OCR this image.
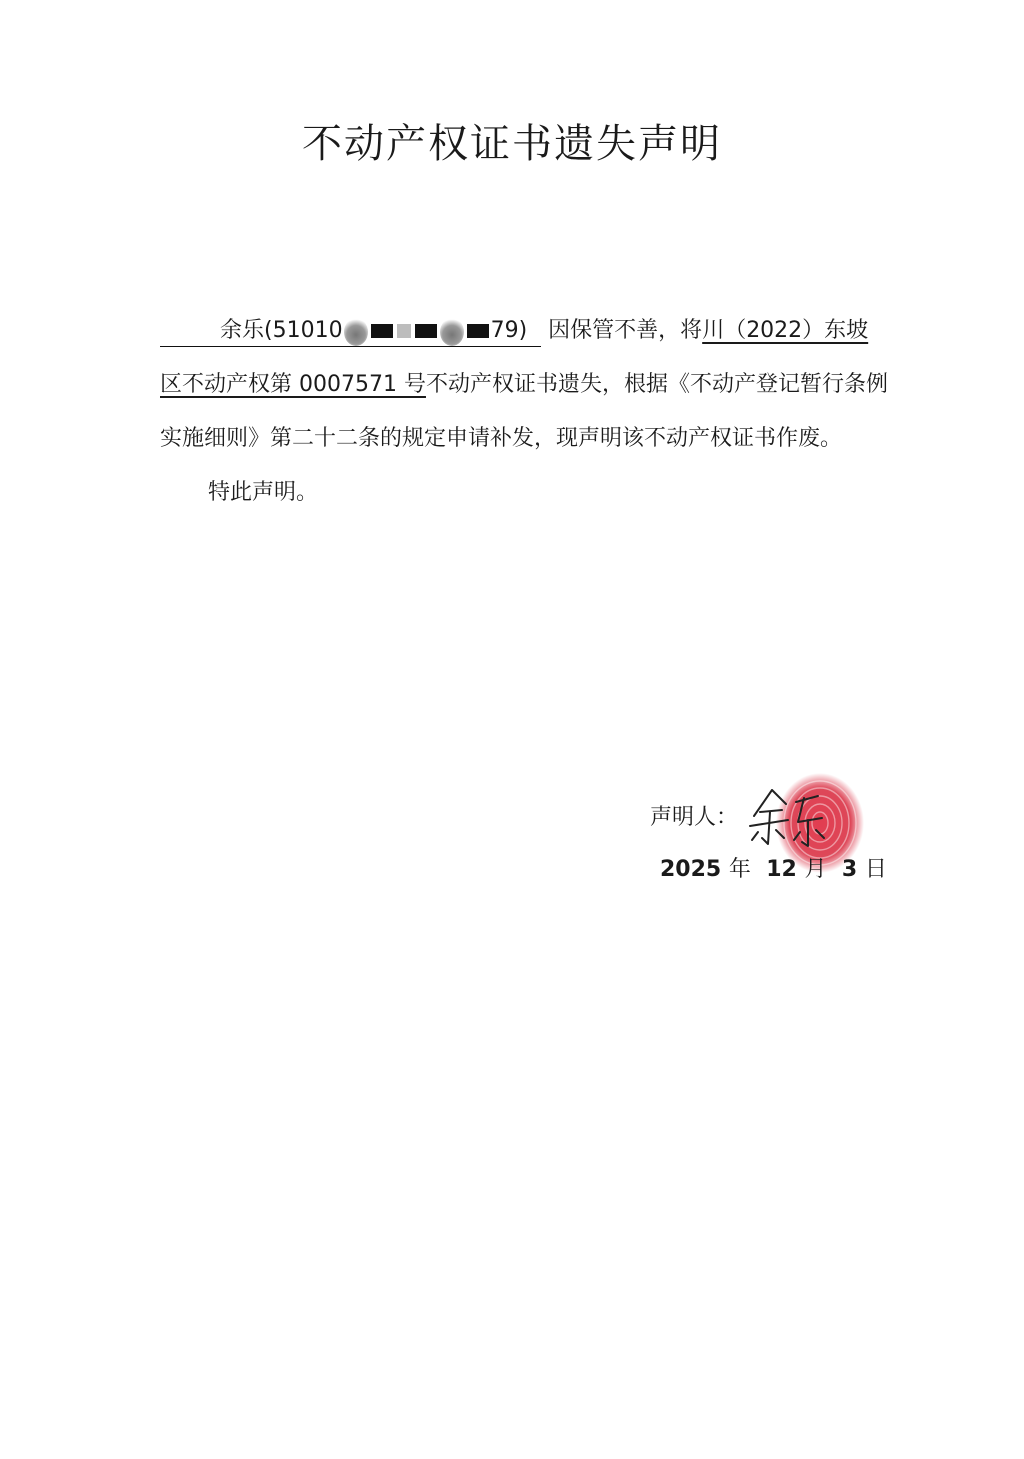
不动产权证书遗失声明
余乐(51010	79) 因保管不善，将川（2022）东坡区不动产权第 0007571 号不动产权证书遗失，根据《不动产登记暂行条例实施细则》第二十二条的规定申请补发，现声明该不动产权证书作废。
特此声明。
声明人：
2025 年 12 月 3 日
